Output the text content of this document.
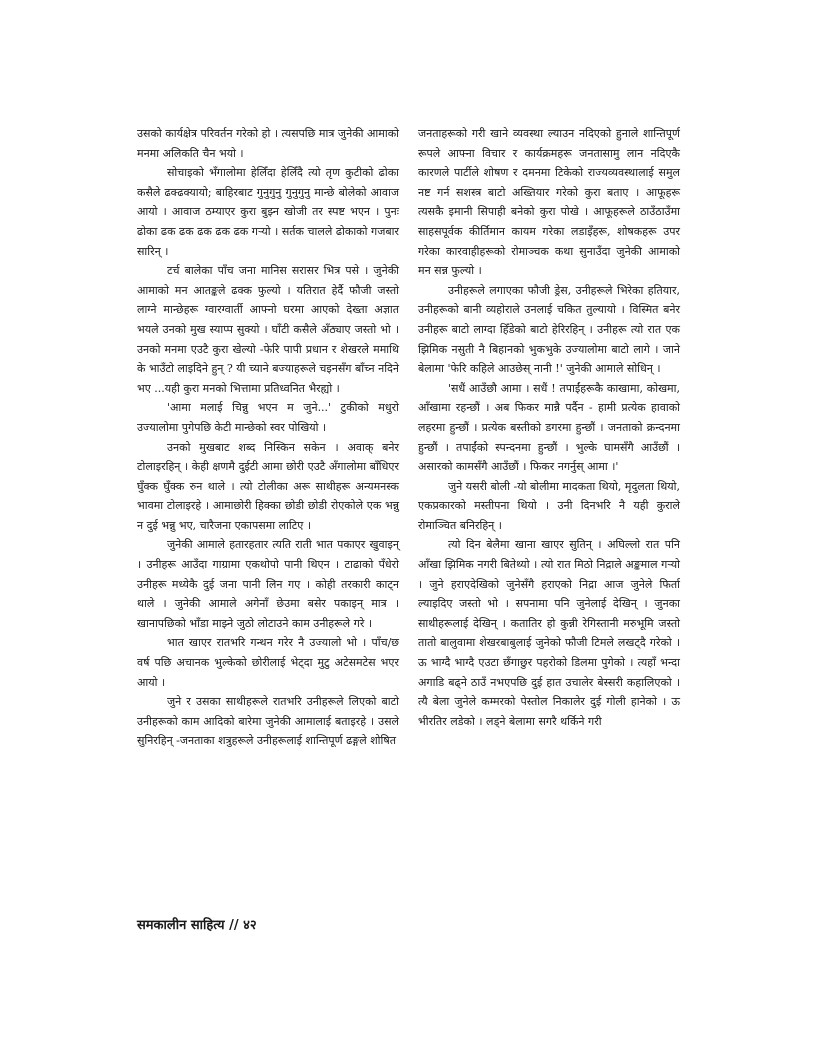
उसको कार्यक्षेत्र परिवर्तन गरेको हो । त्यसपछि मात्र जुनेकी आमाको मनमा अलिकति चैन भयो ।

सोचाइको भँगालोमा हेलिँदा हेलिँदै त्यो तृण कुटीको ढोका कसैले ढक्ढक्यायो; बाहिरबाट गुनुगुनु गुनुगुनु मान्छे बोलेको आवाज आयो । आवाज ठम्याएर कुरा बुझ्न खोजी तर स्पष्ट भएन । पुनः ढोका ढक ढक ढक ढक ढक गर्‍यो । सर्तक चालले ढोकाको गजबार सारिन् ।

टर्च बालेका पाँच जना मानिस सरासर भित्र पसे । जुनेकी आमाको मन आतङ्कले ढक्क फुल्यो । यतिरात हेर्दै फौजी जस्तो लाग्ने मान्छेहरू ग्वारग्वार्ती आफ्नो घरमा आएको देख्ता अज्ञात भयले उनको मुख स्याप्प सुक्यो । घाँटी कसैले अँठ्याए जस्तो भो । उनको मनमा एउटै कुरा खेल्यो -फेरि पापी प्रधान र शेखरले ममाथि के भाउँटो लाइदिने हुन् ? यी च्याने बज्याहरूले चइनसँग बाँच्न नदिने भए ...यही कुरा मनको भित्तामा प्रतिध्वनित भैरह्यो ।

'आमा मलाई चिन्नु भएन म जुने...' टुकीको मधुरो उज्यालोमा पुगेपछि केटी मान्छेको स्वर पोखियो ।

उनको मुखबाट शब्द निस्किन सकेन । अवाक् बनेर टोलाइरहिन् । केही क्षणमै दुईटी आमा छोरी एउटै अँगालोमा बाँधिएर घुँक्क घुँक्क रुन थाले । त्यो टोलीका अरू साथीहरू अन्यमनस्क भावमा टोलाइरहे । आमाछोरी हिक्का छोडी छोडी रोएकोले एक भन्नु न दुई भन्नु भए, चारैजना एकापसमा लाटिए ।

जुनेकी आमाले हतारहतार त्यति राती भात पकाएर खुवाइन् । उनीहरू आउँदा गाग्रामा एकथोपो पानी थिएन । टाढाको पँधेरो उनीहरू मध्येकै दुई जना पानी लिन गए । कोही तरकारी काट्न थाले । जुनेकी आमाले अगेनाँ छेउमा बसेर पकाइन् मात्र । खानापछिको भाँडा माझ्ने जुठो लोटाउने काम उनीहरूले गरे ।

भात खाएर रातभरि गन्थन गरेर नै उज्यालो भो । पाँच/छ वर्ष पछि अचानक भुल्केको छोरीलाई भेट्दा मुटु अटेसमटेस भएर आयो ।

जुने र उसका साथीहरूले रातभरि उनीहरूले लिएको बाटो उनीहरूको काम आदिको बारेमा जुनेकी आमालाई बताइरहे । उसले सुनिरहिन् -जनताका शत्रुहरूले उनीहरूलाई शान्तिपूर्ण ढङ्गले शोषित

जनताहरूको गरी खाने व्यवस्था ल्याउन नदिएको हुनाले शान्तिपूर्ण रूपले आफ्ना विचार र कार्यक्रमहरू जनतासामु लान नदिएकै कारणले पार्टीले शोषण र दमनमा टिकेको राज्यव्यवस्थालाई समुल नष्ट गर्न सशस्त्र बाटो अख्तियार गरेको कुरा बताए । आफूहरू त्यसकै इमानी सिपाही बनेको कुरा पोखे । आफूहरूले ठाउँठाउँमा साहसपूर्वक कीर्तिमान कायम गरेका लडाइँहरू, शोषकहरू उपर गरेका कारवाहीहरूको रोमाञ्चक कथा सुनाउँदा जुनेकी आमाको मन सन्न फुल्यो ।

उनीहरूले लगाएका फौजी ड्रेस, उनीहरूले भिरेका हतियार, उनीहरूको बानी व्यहोराले उनलाई चकित तुल्यायो । विस्मित बनेर उनीहरू बाटो लाग्दा हिँडेको बाटो हेरिरहिन् । उनीहरू त्यो रात एक झिमिक नसुती नै बिहानको भुकभुके उज्यालोमा बाटो लागे । जाने बेलामा 'फेरि कहिले आउछेस् नानी !' जुनेकी आमाले सोधिन् ।

'सधैं आउँछौ आमा । सधैं ! तपाईंहरूकै काखामा, कोखमा, आँखामा रहन्छौं । अब फिकर मान्नै पर्दैन - हामी प्रत्येक हावाको लहरमा हुन्छौं । प्रत्येक बस्तीको डगरमा हुन्छौं । जनताको क्रन्दनमा हुन्छौं । तपाईंको स्पन्दनमा हुन्छौं । भुल्के घामसँगै आउँछौं । असारको कामसँगै आउँछौं । फिकर नगर्नुस् आमा ।'

जुने यसरी बोली -यो बोलीमा मादकता थियो, मृदुलता थियो, एकप्रकारको मस्तीपना थियो । उनी दिनभरि नै यही कुराले रोमाञ्चित बनिरहिन् ।

त्यो दिन बेलैमा खाना खाएर सुतिन् । अघिल्लो रात पनि आँखा झिमिक नगरी बितेथ्यो । त्यो रात मिठो निद्राले अङ्कमाल गर्‍यो । जुने हराएदेखिको जुनेसँगै हराएको निद्रा आज जुनेले फिर्ता ल्याइदिए जस्तो भो । सपनामा पनि जुनेलाई देखिन् । जुनका साथीहरूलाई देखिन् । कतातिर हो कुन्नी रेगिस्तानी मरुभूमि जस्तो तातो बालुवामा शेखरबाबुलाई जुनेको फौजी टिमले लखट्दै गरेको । ऊ भाग्दै भाग्दै एउटा छँगाछुर पहरोको डिलमा पुगेको । त्यहाँ भन्दा अगाडि बढ्ने ठाउँ नभएपछि दुई हात उचालेर बेस्सरी कहालिएको । त्यै बेला जुनेले कम्मरको पेस्तोल निकालेर दुई गोली हानेको । ऊ भीरतिर लडेको । लड्ने बेलामा सगरै थर्किने गरी

समकालीन साहित्य // ४२
